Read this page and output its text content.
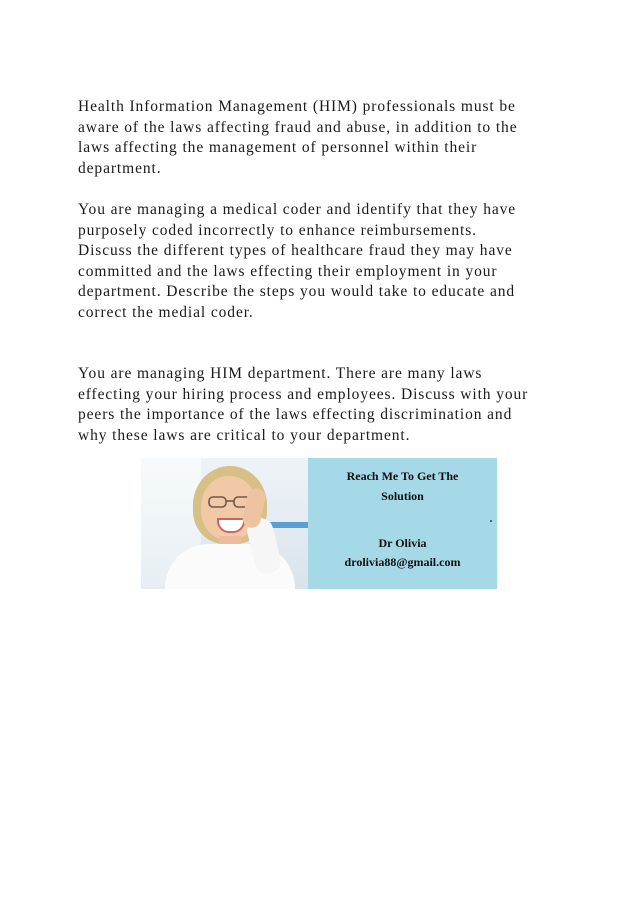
Health Information Management (HIM) professionals must be
aware of the laws affecting fraud and abuse, in addition to the
laws affecting the management of personnel within their
department.

You are managing a medical coder and identify that they have
purposely coded incorrectly to enhance reimbursements.
Discuss the different types of healthcare fraud they may have
committed and the laws effecting their employment in your
department. Describe the steps you would take to educate and
correct the medial coder.

You are managing HIM department. There are many laws
effecting your hiring process and employees. Discuss with your
peers the importance of the laws effecting discrimination and
why these laws are critical to your department.

Reach Me To Get The
Solution
Dr Olivia
drolivia88@gmail.com
